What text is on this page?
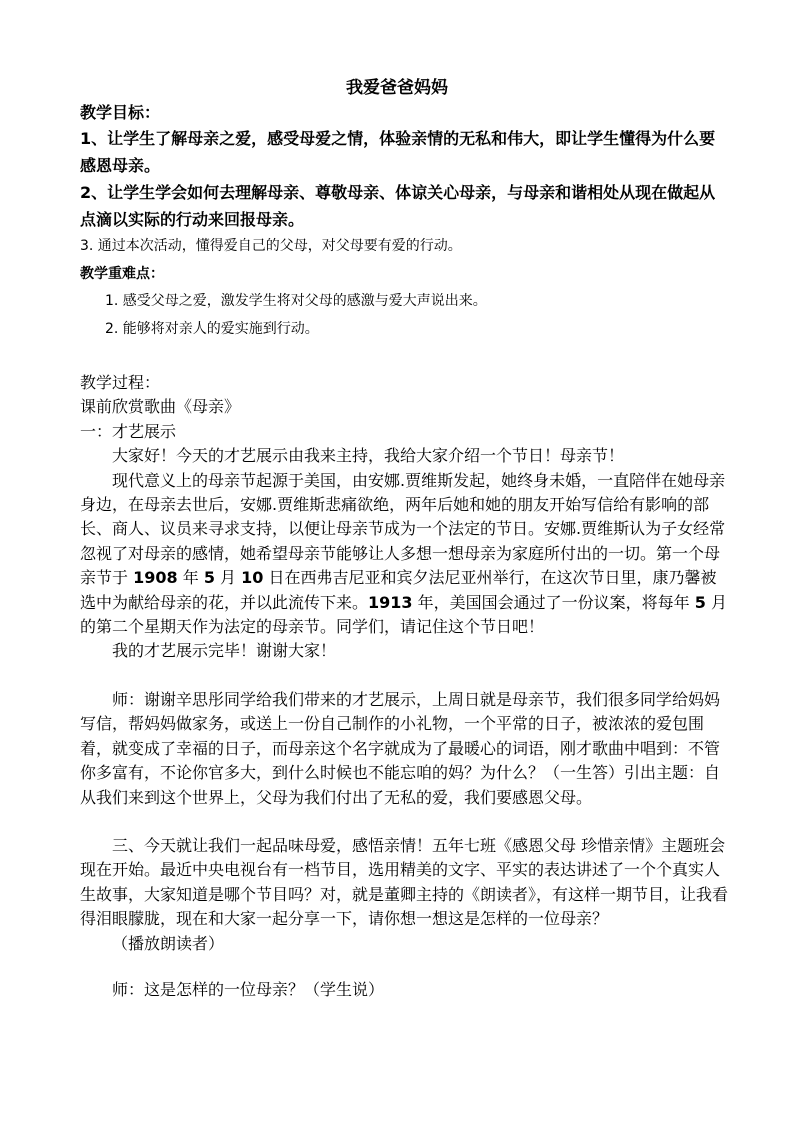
我爱爸爸妈妈

教学目标：

1、让学生了解母亲之爱，感受母爱之情，体验亲情的无私和伟大，即让学生懂得为什么要感恩母亲。

2、让学生学会如何去理解母亲、尊敬母亲、体谅关心母亲，与母亲和谐相处从现在做起从点滴以实际的行动来回报母亲。

3. 通过本次活动，懂得爱自己的父母，对父母要有爱的行动。

教学重难点：

1. 感受父母之爱，激发学生将对父母的感激与爱大声说出来。

2. 能够将对亲人的爱实施到行动。

教学过程：

课前欣赏歌曲《母亲》

一：才艺展示

大家好！今天的才艺展示由我来主持，我给大家介绍一个节日！母亲节！

现代意义上的母亲节起源于美国，由安娜.贾维斯发起，她终身未婚，一直陪伴在她母亲身边，在母亲去世后，安娜.贾维斯悲痛欲绝，两年后她和她的朋友开始写信给有影响的部长、商人、议员来寻求支持，以便让母亲节成为一个法定的节日。安娜.贾维斯认为子女经常忽视了对母亲的感情，她希望母亲节能够让人多想一想母亲为家庭所付出的一切。第一个母亲节于 1908 年 5 月 10 日在西弗吉尼亚和宾夕法尼亚州举行，在这次节日里，康乃馨被选中为献给母亲的花，并以此流传下来。1913 年，美国国会通过了一份议案，将每年 5 月的第二个星期天作为法定的母亲节。同学们，请记住这个节日吧！

我的才艺展示完毕！谢谢大家！

师：谢谢辛思彤同学给我们带来的才艺展示，上周日就是母亲节，我们很多同学给妈妈写信，帮妈妈做家务，或送上一份自己制作的小礼物，一个平常的日子，被浓浓的爱包围着，就变成了幸福的日子，而母亲这个名字就成为了最暖心的词语，刚才歌曲中唱到：不管你多富有，不论你官多大，到什么时候也不能忘咱的妈？为什么？（一生答）引出主题：自从我们来到这个世界上，父母为我们付出了无私的爱，我们要感恩父母。

三、今天就让我们一起品味母爱，感悟亲情！五年七班《感恩父母 珍惜亲情》主题班会现在开始。最近中央电视台有一档节目，选用精美的文字、平实的表达讲述了一个个真实人生故事，大家知道是哪个节目吗？对，就是董卿主持的《朗读者》，有这样一期节目，让我看得泪眼朦胧，现在和大家一起分享一下，请你想一想这是怎样的一位母亲？

（播放朗读者）

师：这是怎样的一位母亲？（学生说）
